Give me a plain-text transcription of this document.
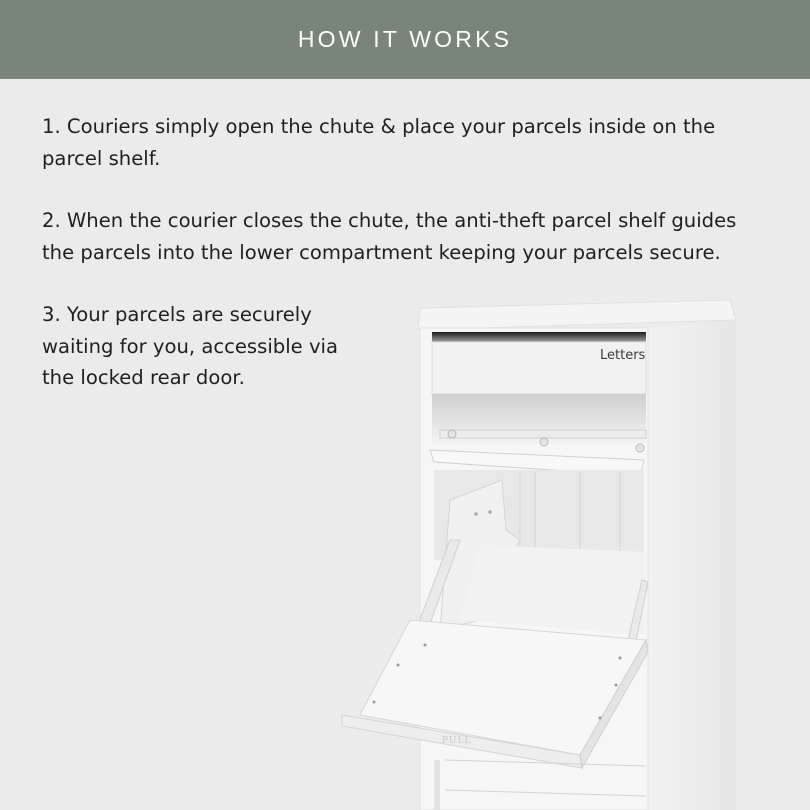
HOW IT WORKS

1. Couriers simply open the chute & place your parcels inside on the parcel shelf.

2. When the courier closes the chute, the anti-theft parcel shelf guides the parcels into the lower compartment keeping your parcels secure.

3. Your parcels are securely waiting for you, accessible via the locked rear door.

Letters
PULL
